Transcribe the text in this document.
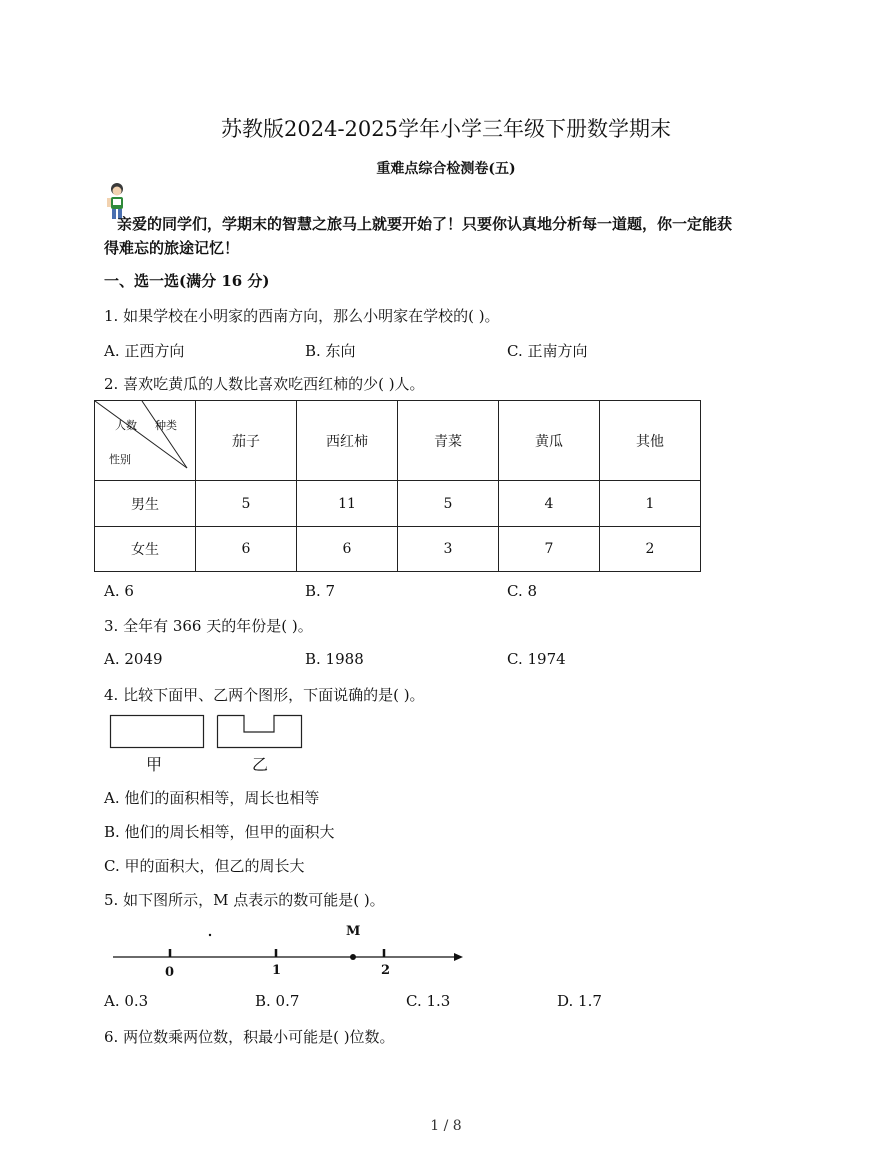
苏教版2024-2025学年小学三年级下册数学期末
重难点综合检测卷(五)
亲爱的同学们，学期末的智慧之旅马上就要开始了！只要你认真地分析每一道题，你一定能获
得难忘的旅途记忆！
一、选一选(满分 16 分)
1. 如果学校在小明家的西南方向，那么小明家在学校的( )。
A. 正西方向	B. 东向	C. 正南方向
2. 喜欢吃黄瓜的人数比喜欢吃西红柿的少( )人。
人数 种类
性别	茄子	西红柿	青菜	黄瓜	其他
男生	5	11	5	4	1
女生	6	6	3	7	2
A. 6	B. 7	C. 8
3. 全年有 366 天的年份是( )。
A. 2049	B. 1988	C. 1974
4. 比较下面甲、乙两个图形，下面说确的是( )。
甲	乙
A. 他们的面积相等，周长也相等
B. 他们的周长相等，但甲的面积大
C. 甲的面积大，但乙的周长大
5. 如下图所示，M 点表示的数可能是( )。
M
0	1	2
A. 0.3	B. 0.7	C. 1.3	D. 1.7
6. 两位数乘两位数，积最小可能是( )位数。
1 / 8
